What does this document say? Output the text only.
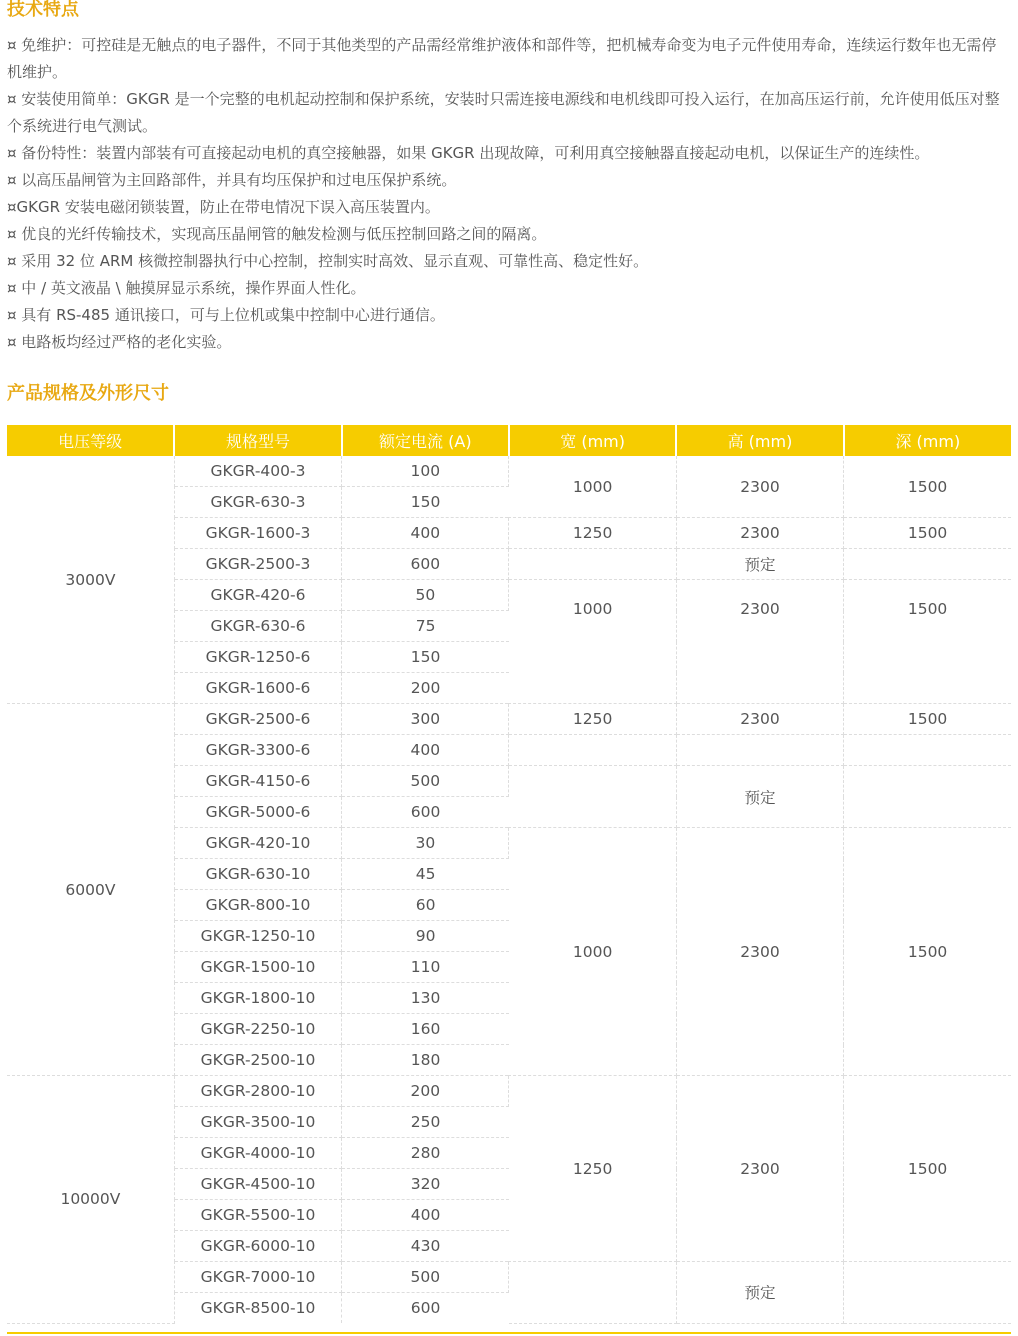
技术特点
¤ 免维护：可控硅是无触点的电子器件，不同于其他类型的产品需经常维护液体和部件等，把机械寿命变为电子元件使用寿命，连续运行数年也无需停机维护。
¤ 安装使用简单：GKGR 是一个完整的电机起动控制和保护系统，安装时只需连接电源线和电机线即可投入运行，在加高压运行前，允许使用低压对整个系统进行电气测试。
¤ 备份特性：装置内部装有可直接起动电机的真空接触器，如果 GKGR 出现故障，可利用真空接触器直接起动电机，以保证生产的连续性。
¤ 以高压晶闸管为主回路部件，并具有均压保护和过电压保护系统。
¤GKGR 安装电磁闭锁装置，防止在带电情况下误入高压装置内。
¤ 优良的光纤传输技术，实现高压晶闸管的触发检测与低压控制回路之间的隔离。
¤ 采用 32 位 ARM 核微控制器执行中心控制，控制实时高效、显示直观、可靠性高、稳定性好。
¤ 中 / 英文液晶 \ 触摸屏显示系统，操作界面人性化。
¤ 具有 RS-485 通讯接口，可与上位机或集中控制中心进行通信。
¤ 电路板均经过严格的老化实验。
产品规格及外形尺寸
电压等级	规格型号	额定电流 (A)	宽 (mm)	高 (mm)	深 (mm)
3000V	GKGR-400-3	100	1000	2300	1500
	GKGR-630-3	150			
	GKGR-1600-3	400	1250	2300	1500
	GKGR-2500-3	600		预定	
	GKGR-420-6	50	1000	2300	1500
	GKGR-630-6	75			
	GKGR-1250-6	150			
	GKGR-1600-6	200			
6000V	GKGR-2500-6	300	1250	2300	1500
	GKGR-3300-6	400			
	GKGR-4150-6	500		预定	
	GKGR-5000-6	600			
	GKGR-420-10	30	1000	2300	1500
	GKGR-630-10	45			
	GKGR-800-10	60			
	GKGR-1250-10	90			
	GKGR-1500-10	110			
	GKGR-1800-10	130			
	GKGR-2250-10	160			
	GKGR-2500-10	180			
10000V	GKGR-2800-10	200	1250	2300	1500
	GKGR-3500-10	250			
	GKGR-4000-10	280			
	GKGR-4500-10	320			
	GKGR-5500-10	400			
	GKGR-6000-10	430			
	GKGR-7000-10	500		预定	
	GKGR-8500-10	600			
